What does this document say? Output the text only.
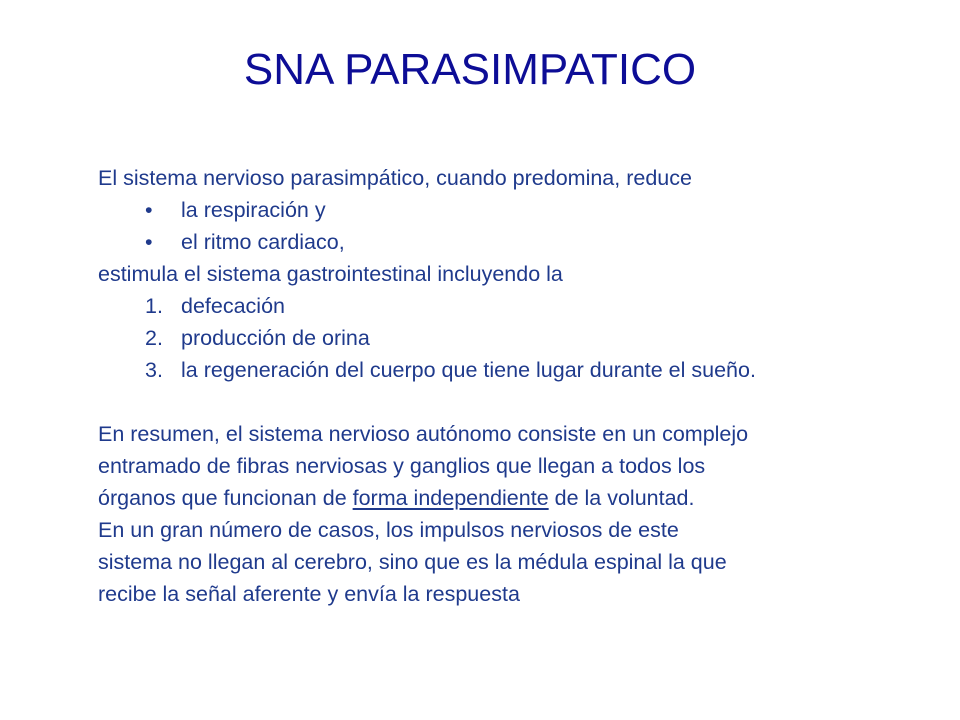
SNA PARASIMPATICO

El sistema nervioso parasimpático, cuando predomina, reduce

• la respiración y
• el ritmo cardiaco,

estimula el sistema gastrointestinal incluyendo la

1. defecación
2. producción de orina
3. la regeneración del cuerpo que tiene lugar durante el sueño.

En resumen, el sistema nervioso autónomo consiste en un complejo

entramado de fibras nerviosas y ganglios que llegan a todos los

órganos que funcionan de forma independiente de la voluntad.

En un gran número de casos, los impulsos nerviosos de este

sistema no llegan al cerebro, sino que es la médula espinal la que

recibe la señal aferente y envía la respuesta
